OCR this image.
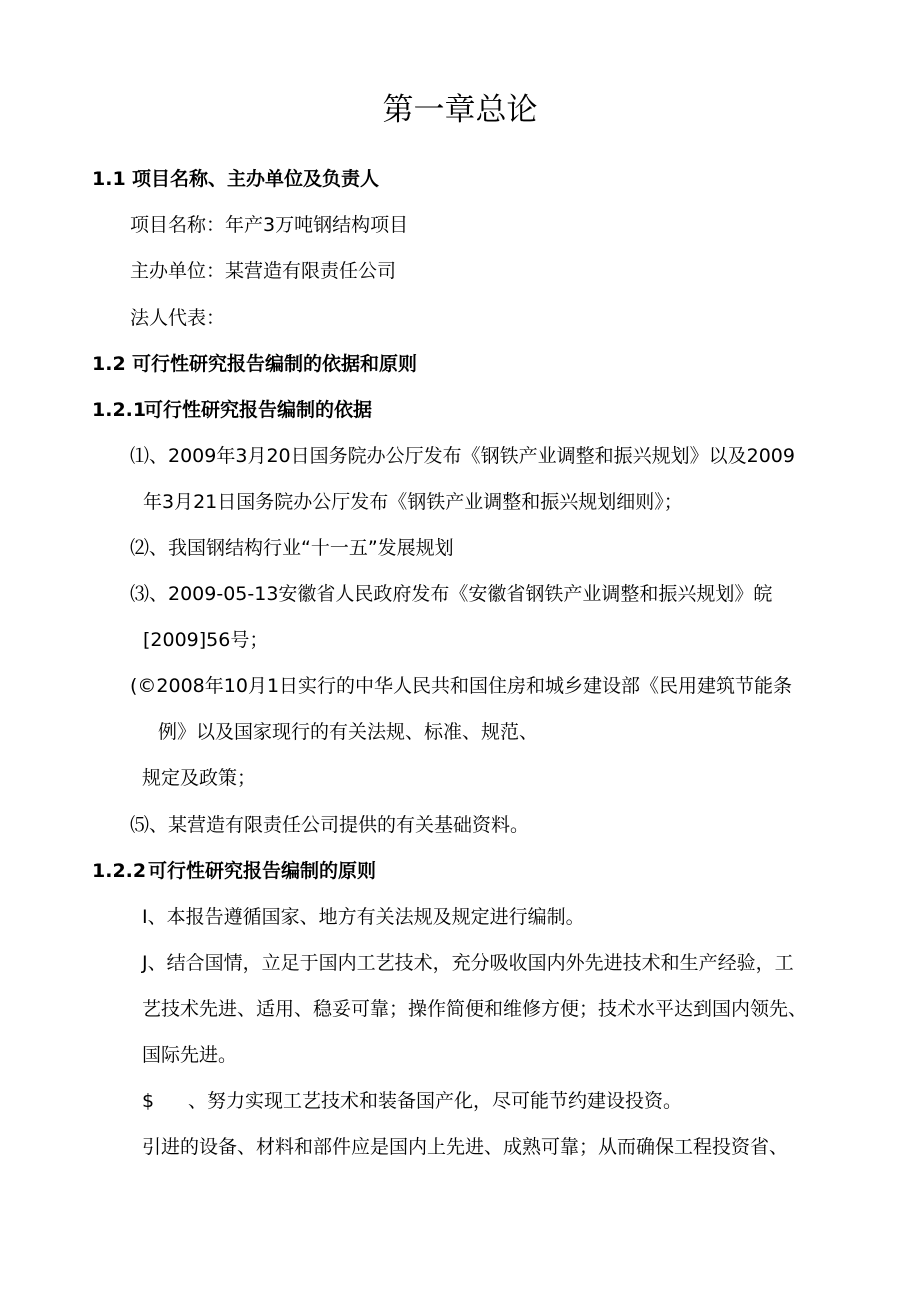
第一章总论
1.1 项目名称、主办单位及负责人
项目名称：年产3万吨钢结构项目
主办单位：某营造有限责任公司
法人代表：
1.2 可行性研究报告编制的依据和原则
1.2.1可行性研究报告编制的依据
⑴、2009年3月20日国务院办公厅发布《钢铁产业调整和振兴规划》以及2009
年3月21日国务院办公厅发布《钢铁产业调整和振兴规划细则》；
⑵、我国钢结构行业“十一五”发展规划
⑶、2009-05-13安徽省人民政府发布《安徽省钢铁产业调整和振兴规划》皖
[2009]56号；
(©2008年10月1日实行的中华人民共和国住房和城乡建设部《民用建筑节能条
例》以及国家现行的有关法规、标准、规范、
规定及政策；
⑸、某营造有限责任公司提供的有关基础资料。
1.2.2可行性研究报告编制的原则
I、本报告遵循国家、地方有关法规及规定进行编制。
J、结合国情，立足于国内工艺技术，充分吸收国内外先进技术和生产经验，工
艺技术先进、适用、稳妥可靠；操作简便和维修方便；技术水平达到国内领先、
国际先进。
$ 、努力实现工艺技术和装备国产化，尽可能节约建设投资。
引进的设备、材料和部件应是国内上先进、成熟可靠；从而确保工程投资省、
